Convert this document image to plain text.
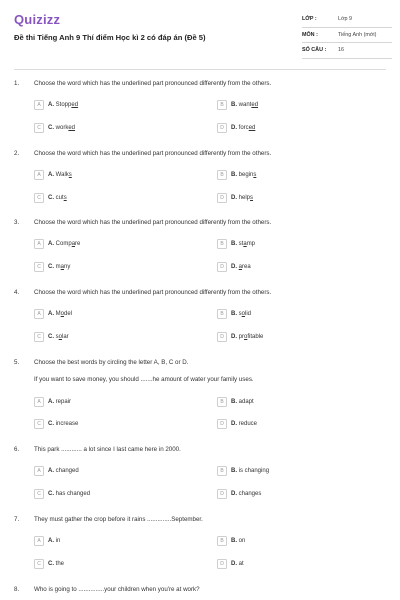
Quizizz
Đề thi Tiếng Anh 9 Thí điểm Học kì 2 có đáp án (Đề 5)
LỚP :	Lớp 9
MÔN :	Tiếng Anh (mới)
SỐ CÂU :	16
1. Choose the word which has the underlined part pronounced differently from the others.
A	A. Stopped	B	B. wanted
C	C. worked	D	D. forced
2. Choose the word which has the underlined part pronounced differently from the others.
A	A. Walks	B	B. begins
C	C. cuts	D	D. helps
3. Choose the word which has the underlined part pronounced differently from the others.
A	A. Compare	B	B. stamp
C	C. many	D	D. area
4. Choose the word which has the underlined part pronounced differently from the others.
A	A. Model	B	B. solid
C	C. solar	D	D. profitable
5. Choose the best words by circling the letter A, B, C or D.
If you want to save money, you should .......he amount of water your family uses.
A	A. repair	B	B. adapt
C	C. increase	D	D. reduce
6. This park ............ a lot since I last came here in 2000.
A	A. changed	B	B. is changing
C	C. has changed	D	D. changes
7. They must gather the crop before it rains ..............September.
A	A. in	B	B. on
C	C. the	D	D. at
8. Who is going to ...............your children when you're at work?
